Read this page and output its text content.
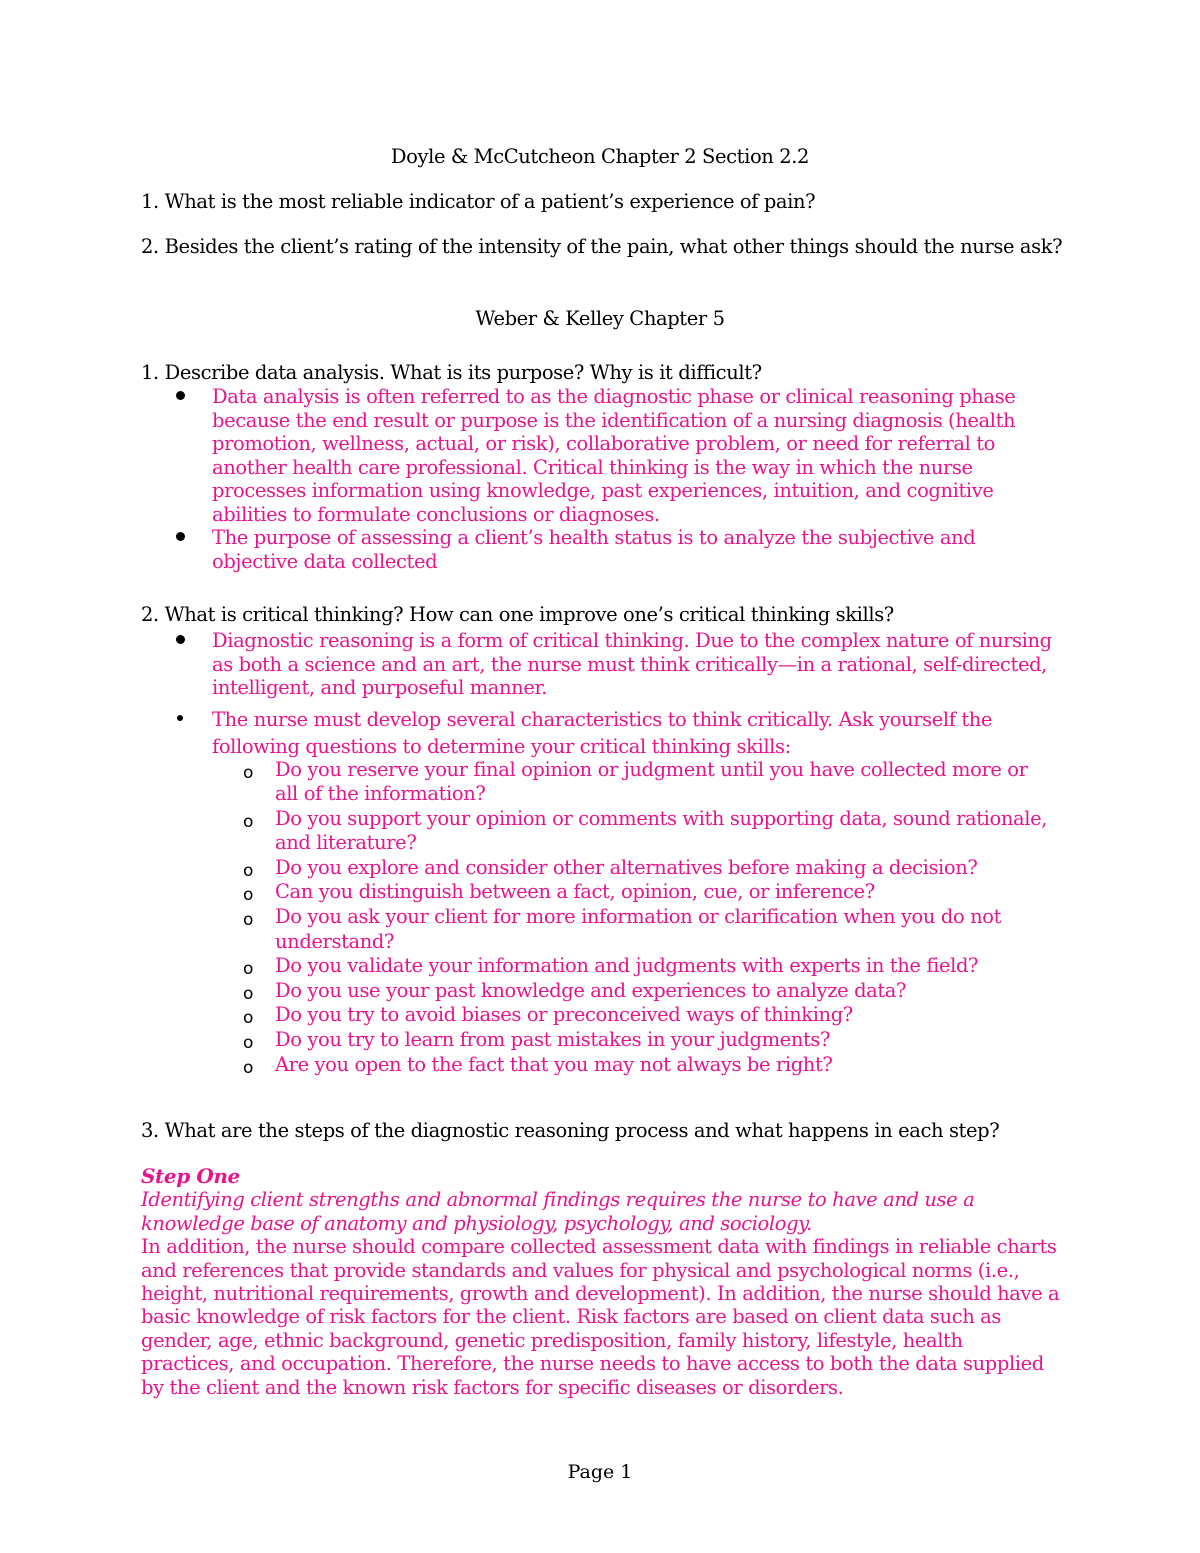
Doyle & McCutcheon Chapter 2 Section 2.2
1. What is the most reliable indicator of a patient’s experience of pain?
2. Besides the client’s rating of the intensity of the pain, what other things should the nurse ask?
Weber & Kelley Chapter 5
1. Describe data analysis. What is its purpose? Why is it difficult?
Data analysis is often referred to as the diagnostic phase or clinical reasoning phase because the end result or purpose is the identification of a nursing diagnosis (health promotion, wellness, actual, or risk), collaborative problem, or need for referral to another health care professional. Critical thinking is the way in which the nurse processes information using knowledge, past experiences, intuition, and cognitive abilities to formulate conclusions or diagnoses.
The purpose of assessing a client’s health status is to analyze the subjective and objective data collected
2. What is critical thinking? How can one improve one’s critical thinking skills?
Diagnostic reasoning is a form of critical thinking. Due to the complex nature of nursing as both a science and an art, the nurse must think critically—in a rational, self-directed, intelligent, and purposeful manner.
The nurse must develop several characteristics to think critically. Ask yourself the following questions to determine your critical thinking skills:
o Do you reserve your final opinion or judgment until you have collected more or all of the information?
o Do you support your opinion or comments with supporting data, sound rationale, and literature?
o Do you explore and consider other alternatives before making a decision?
o Can you distinguish between a fact, opinion, cue, or inference?
o Do you ask your client for more information or clarification when you do not understand?
o Do you validate your information and judgments with experts in the field?
o Do you use your past knowledge and experiences to analyze data?
o Do you try to avoid biases or preconceived ways of thinking?
o Do you try to learn from past mistakes in your judgments?
o Are you open to the fact that you may not always be right?
3. What are the steps of the diagnostic reasoning process and what happens in each step?
Step One
Identifying client strengths and abnormal findings requires the nurse to have and use a knowledge base of anatomy and physiology, psychology, and sociology.
In addition, the nurse should compare collected assessment data with findings in reliable charts and references that provide standards and values for physical and psychological norms (i.e., height, nutritional requirements, growth and development). In addition, the nurse should have a basic knowledge of risk factors for the client. Risk factors are based on client data such as gender, age, ethnic background, genetic predisposition, family history, lifestyle, health practices, and occupation. Therefore, the nurse needs to have access to both the data supplied by the client and the known risk factors for specific diseases or disorders.
Page 1
